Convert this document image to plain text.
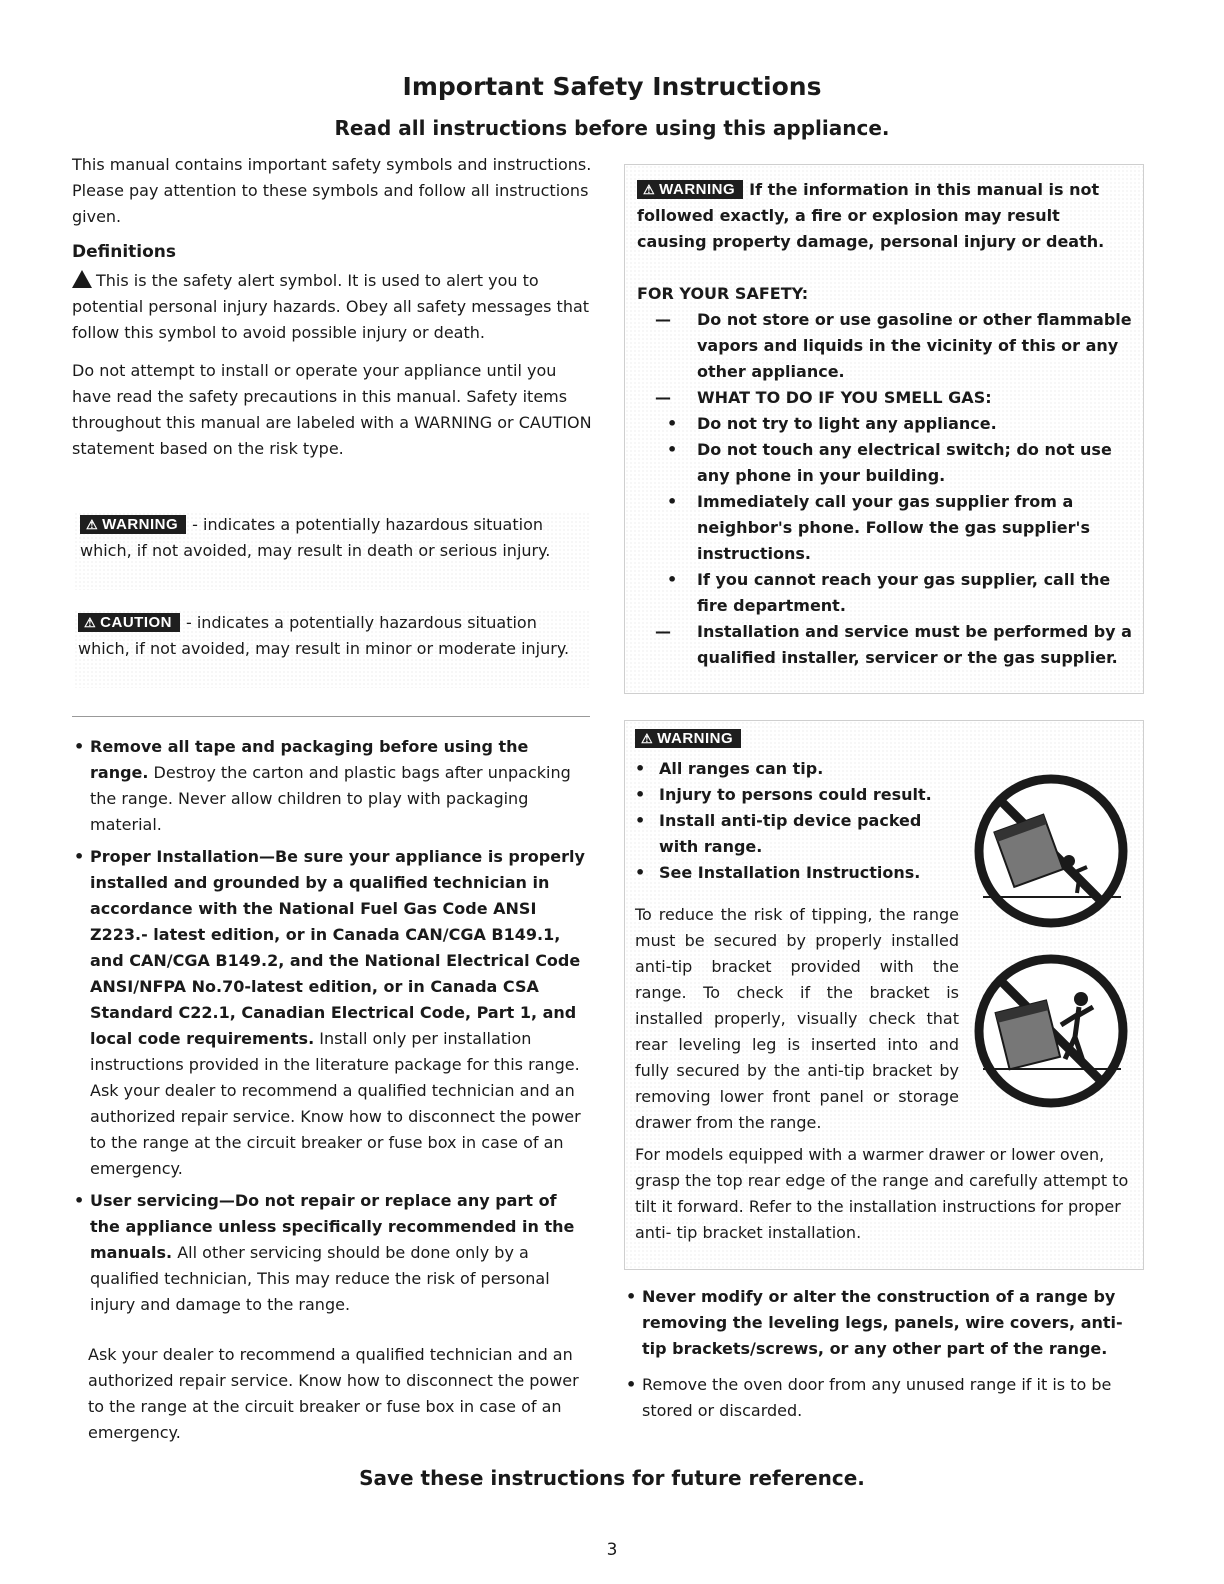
Important Safety Instructions
Read all instructions before using this appliance.

This manual contains important safety symbols and instructions. Please pay attention to these symbols and follow all instructions given.

Definitions

This is the safety alert symbol. It is used to alert you to potential personal injury hazards. Obey all safety messages that follow this symbol to avoid possible injury or death.

Do not attempt to install or operate your appliance until you have read the safety precautions in this manual. Safety items throughout this manual are labeled with a WARNING or CAUTION statement based on the risk type.

⚠ WARNING - indicates a potentially hazardous situation which, if not avoided, may result in death or serious injury.

⚠ CAUTION - indicates a potentially hazardous situation which, if not avoided, may result in minor or moderate injury.

• Remove all tape and packaging before using the range. Destroy the carton and plastic bags after unpacking the range. Never allow children to play with packaging material.

• Proper Installation—Be sure your appliance is properly installed and grounded by a qualified technician in accordance with the National Fuel Gas Code ANSI Z223.- latest edition, or in Canada CAN/CGA B149.1, and CAN/CGA B149.2, and the National Electrical Code ANSI/NFPA No.70-latest edition, or in Canada CSA Standard C22.1, Canadian Electrical Code, Part 1, and local code requirements. Install only per installation instructions provided in the literature package for this range. Ask your dealer to recommend a qualified technician and an authorized repair service. Know how to disconnect the power to the range at the circuit breaker or fuse box in case of an emergency.

• User servicing—Do not repair or replace any part of the appliance unless specifically recommended in the manuals. All other servicing should be done only by a qualified technician, This may reduce the risk of personal injury and damage to the range.

Ask your dealer to recommend a qualified technician and an authorized repair service. Know how to disconnect the power to the range at the circuit breaker or fuse box in case of an emergency.

⚠ WARNING If the information in this manual is not followed exactly, a fire or explosion may result causing property damage, personal injury or death.

FOR YOUR SAFETY:

— Do not store or use gasoline or other flammable vapors and liquids in the vicinity of this or any other appliance.
— WHAT TO DO IF YOU SMELL GAS:
• Do not try to light any appliance.
• Do not touch any electrical switch; do not use any phone in your building.
• Immediately call your gas supplier from a neighbor's phone. Follow the gas supplier's instructions.
• If you cannot reach your gas supplier, call the fire department.
— Installation and service must be performed by a qualified installer, servicer or the gas supplier.
⚠ WARNING
• All ranges can tip.
• Injury to persons could result.
• Install anti-tip device packed with range.
• See Installation Instructions.

To reduce the risk of tipping, the range must be secured by properly installed anti-tip bracket provided with the range. To check if the bracket is installed properly, visually check that rear leveling leg is inserted into and fully secured by the anti-tip bracket by removing lower front panel or storage drawer from the range.

For models equipped with a warmer drawer or lower oven, grasp the top rear edge of the range and carefully attempt to tilt it forward. Refer to the installation instructions for proper anti- tip bracket installation.

• Never modify or alter the construction of a range by removing the leveling legs, panels, wire covers, anti-tip brackets/screws, or any other part of the range.

• Remove the oven door from any unused range if it is to be stored or discarded.

Save these instructions for future reference.
3
